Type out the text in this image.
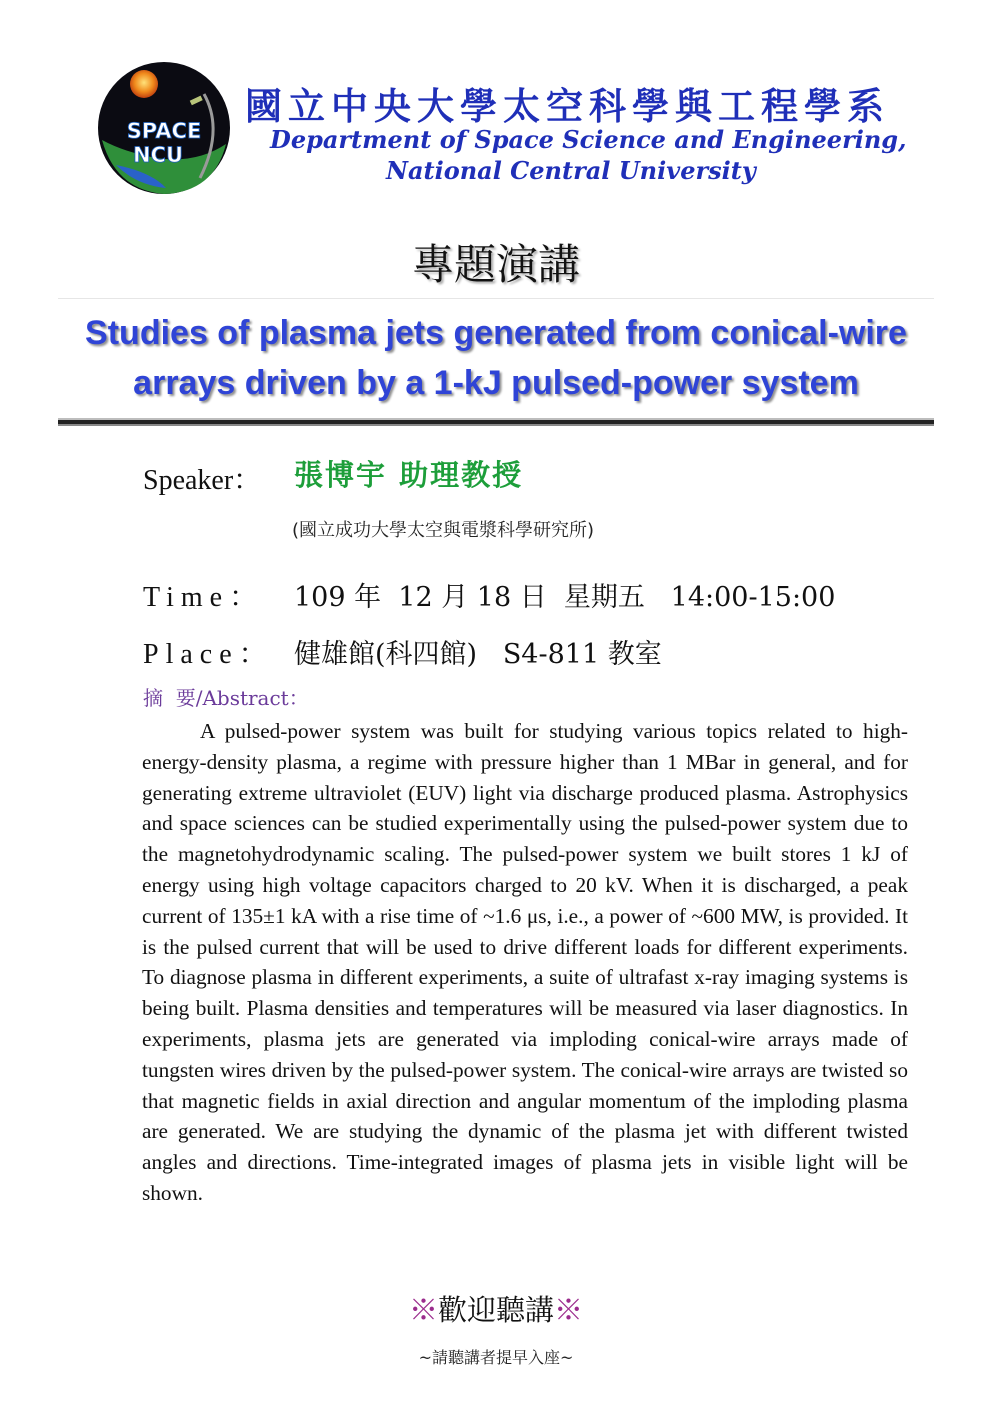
SPACE
NCU
國立中央大學太空科學與工程學系
Department of Space Science and Engineering,
National Central University
專題演講
Studies of plasma jets generated from conical-wire arrays driven by a 1-kJ pulsed-power system
Speaker： 張博宇 助理教授
(國立成功大學太空與電漿科學研究所)
Time： 109 年  12 月 18 日  星期五   14:00-15:00
Place： 健雄館(科四館)   S4-811 教室
摘  要/Abstract：

A pulsed-power system was built for studying various topics related to high-energy-density plasma, a regime with pressure higher than 1 MBar in general, and for generating extreme ultraviolet (EUV) light via discharge produced plasma. Astrophysics and space sciences can be studied experimentally using the pulsed-power system due to the magnetohydrodynamic scaling. The pulsed-power system we built stores 1 kJ of energy using high voltage capacitors charged to 20 kV. When it is discharged, a peak current of 135±1 kA with a rise time of ~1.6 μs, i.e., a power of ~600 MW, is provided. It is the pulsed current that will be used to drive different loads for different experiments. To diagnose plasma in different experiments, a suite of ultrafast x-ray imaging systems is being built. Plasma densities and temperatures will be measured via laser diagnostics. In experiments, plasma jets are generated via imploding conical-wire arrays made of tungsten wires driven by the pulsed-power system. The conical-wire arrays are twisted so that magnetic fields in axial direction and angular momentum of the imploding plasma are generated. We are studying the dynamic of the plasma jet with different twisted angles and directions. Time-integrated images of plasma jets in visible light will be shown.

※歡迎聽講※
~請聽講者提早入座~
